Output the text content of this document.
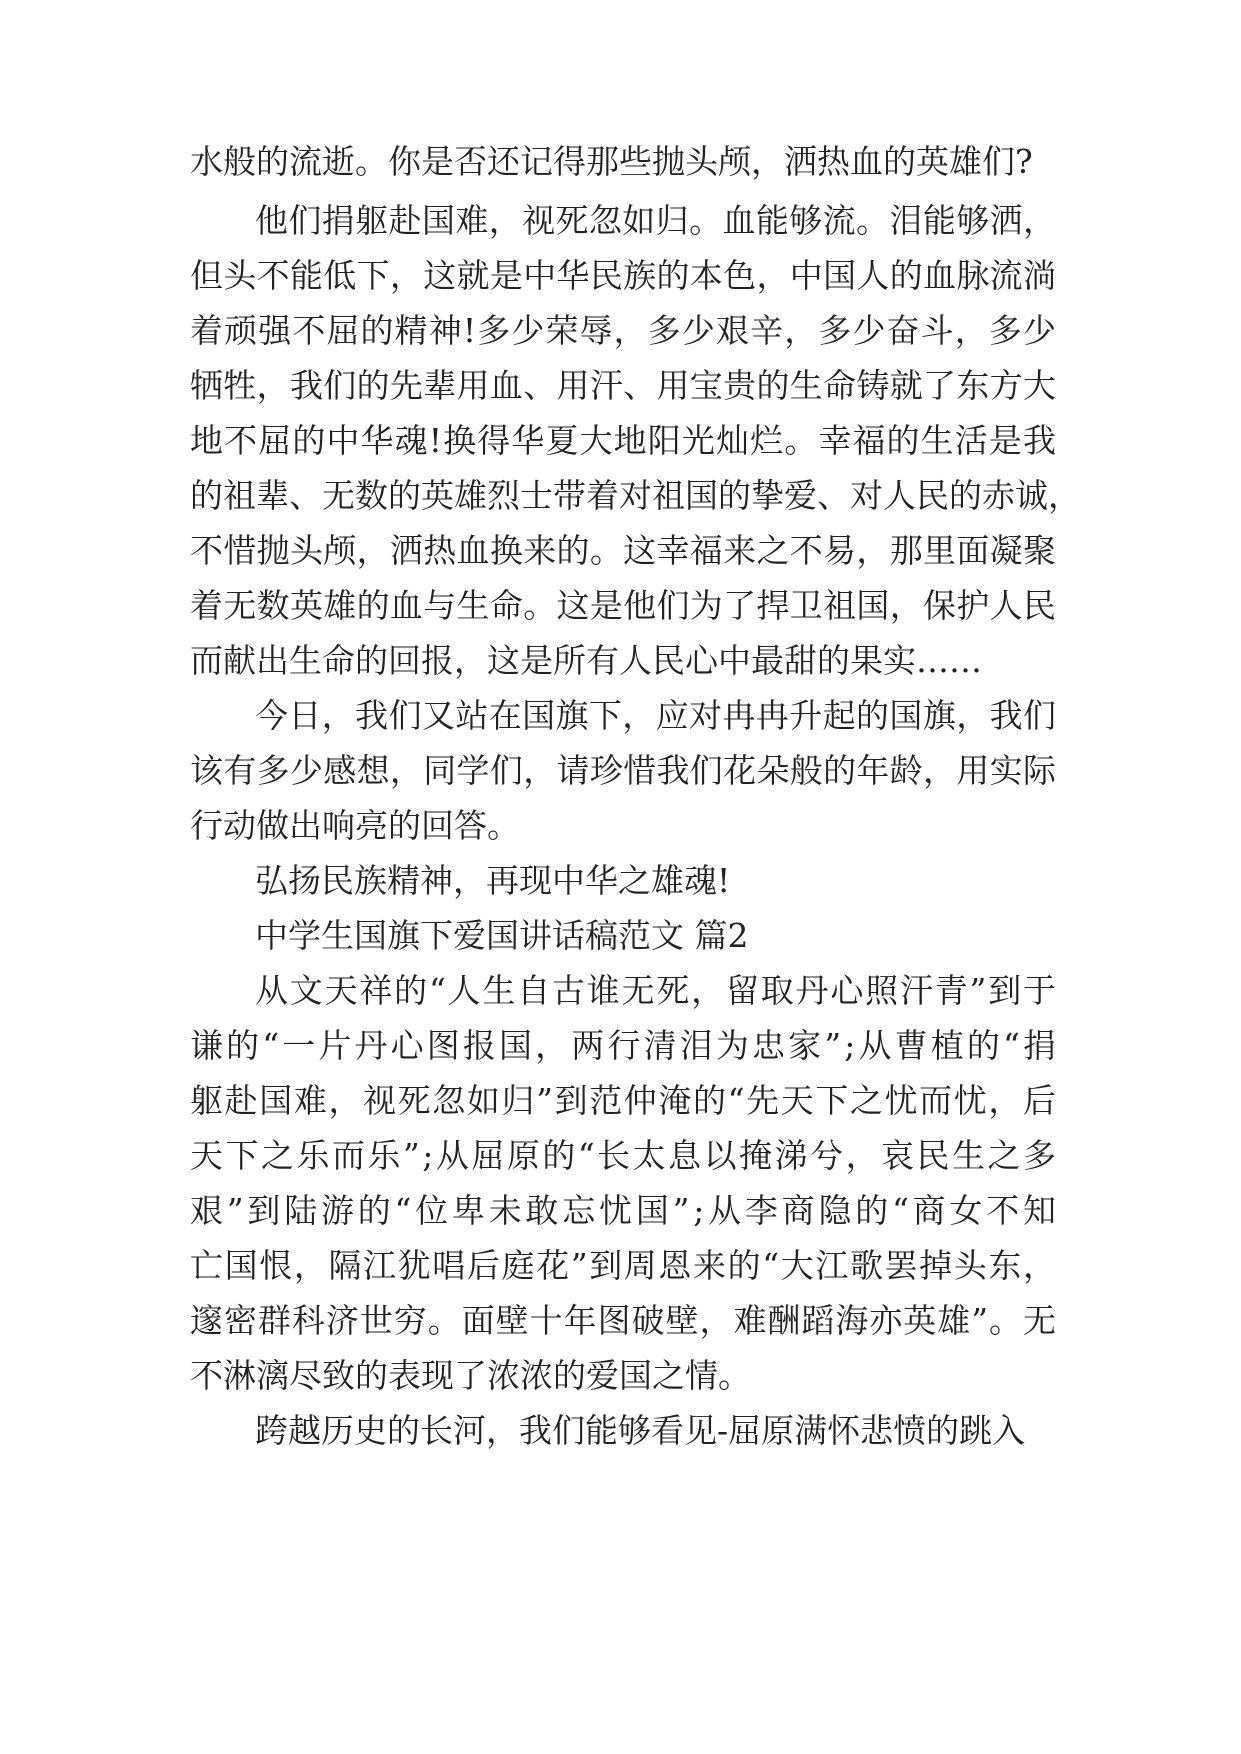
水般的流逝。你是否还记得那些抛头颅，洒热血的英雄们?
他们捐躯赴国难，视死忽如归。血能够流。泪能够洒，
但头不能低下，这就是中华民族的本色，中国人的血脉流淌
着顽强不屈的精神!多少荣辱，多少艰辛，多少奋斗，多少
牺牲，我们的先辈用血、用汗、用宝贵的生命铸就了东方大
地不屈的中华魂!换得华夏大地阳光灿烂。幸福的生活是我
的祖辈、无数的英雄烈士带着对祖国的挚爱、对人民的赤诚，
不惜抛头颅，洒热血换来的。这幸福来之不易，那里面凝聚
着无数英雄的血与生命。这是他们为了捍卫祖国，保护人民
而献出生命的回报，这是所有人民心中最甜的果实……
今日，我们又站在国旗下，应对冉冉升起的国旗，我们
该有多少感想，同学们，请珍惜我们花朵般的年龄，用实际
行动做出响亮的回答。
弘扬民族精神，再现中华之雄魂!
中学生国旗下爱国讲话稿范文 篇2
从文天祥的“人生自古谁无死，留取丹心照汗青”到于
谦的“一片丹心图报国，两行清泪为忠家”;从曹植的“捐
躯赴国难，视死忽如归”到范仲淹的“先天下之忧而忧，后
天下之乐而乐”;从屈原的“长太息以掩涕兮，哀民生之多
艰”到陆游的“位卑未敢忘忧国”;从李商隐的“商女不知
亡国恨，隔江犹唱后庭花”到周恩来的“大江歌罢掉头东，
邃密群科济世穷。面壁十年图破壁，难酬蹈海亦英雄”。无
不淋漓尽致的表现了浓浓的爱国之情。
跨越历史的长河，我们能够看见-屈原满怀悲愤的跳入
